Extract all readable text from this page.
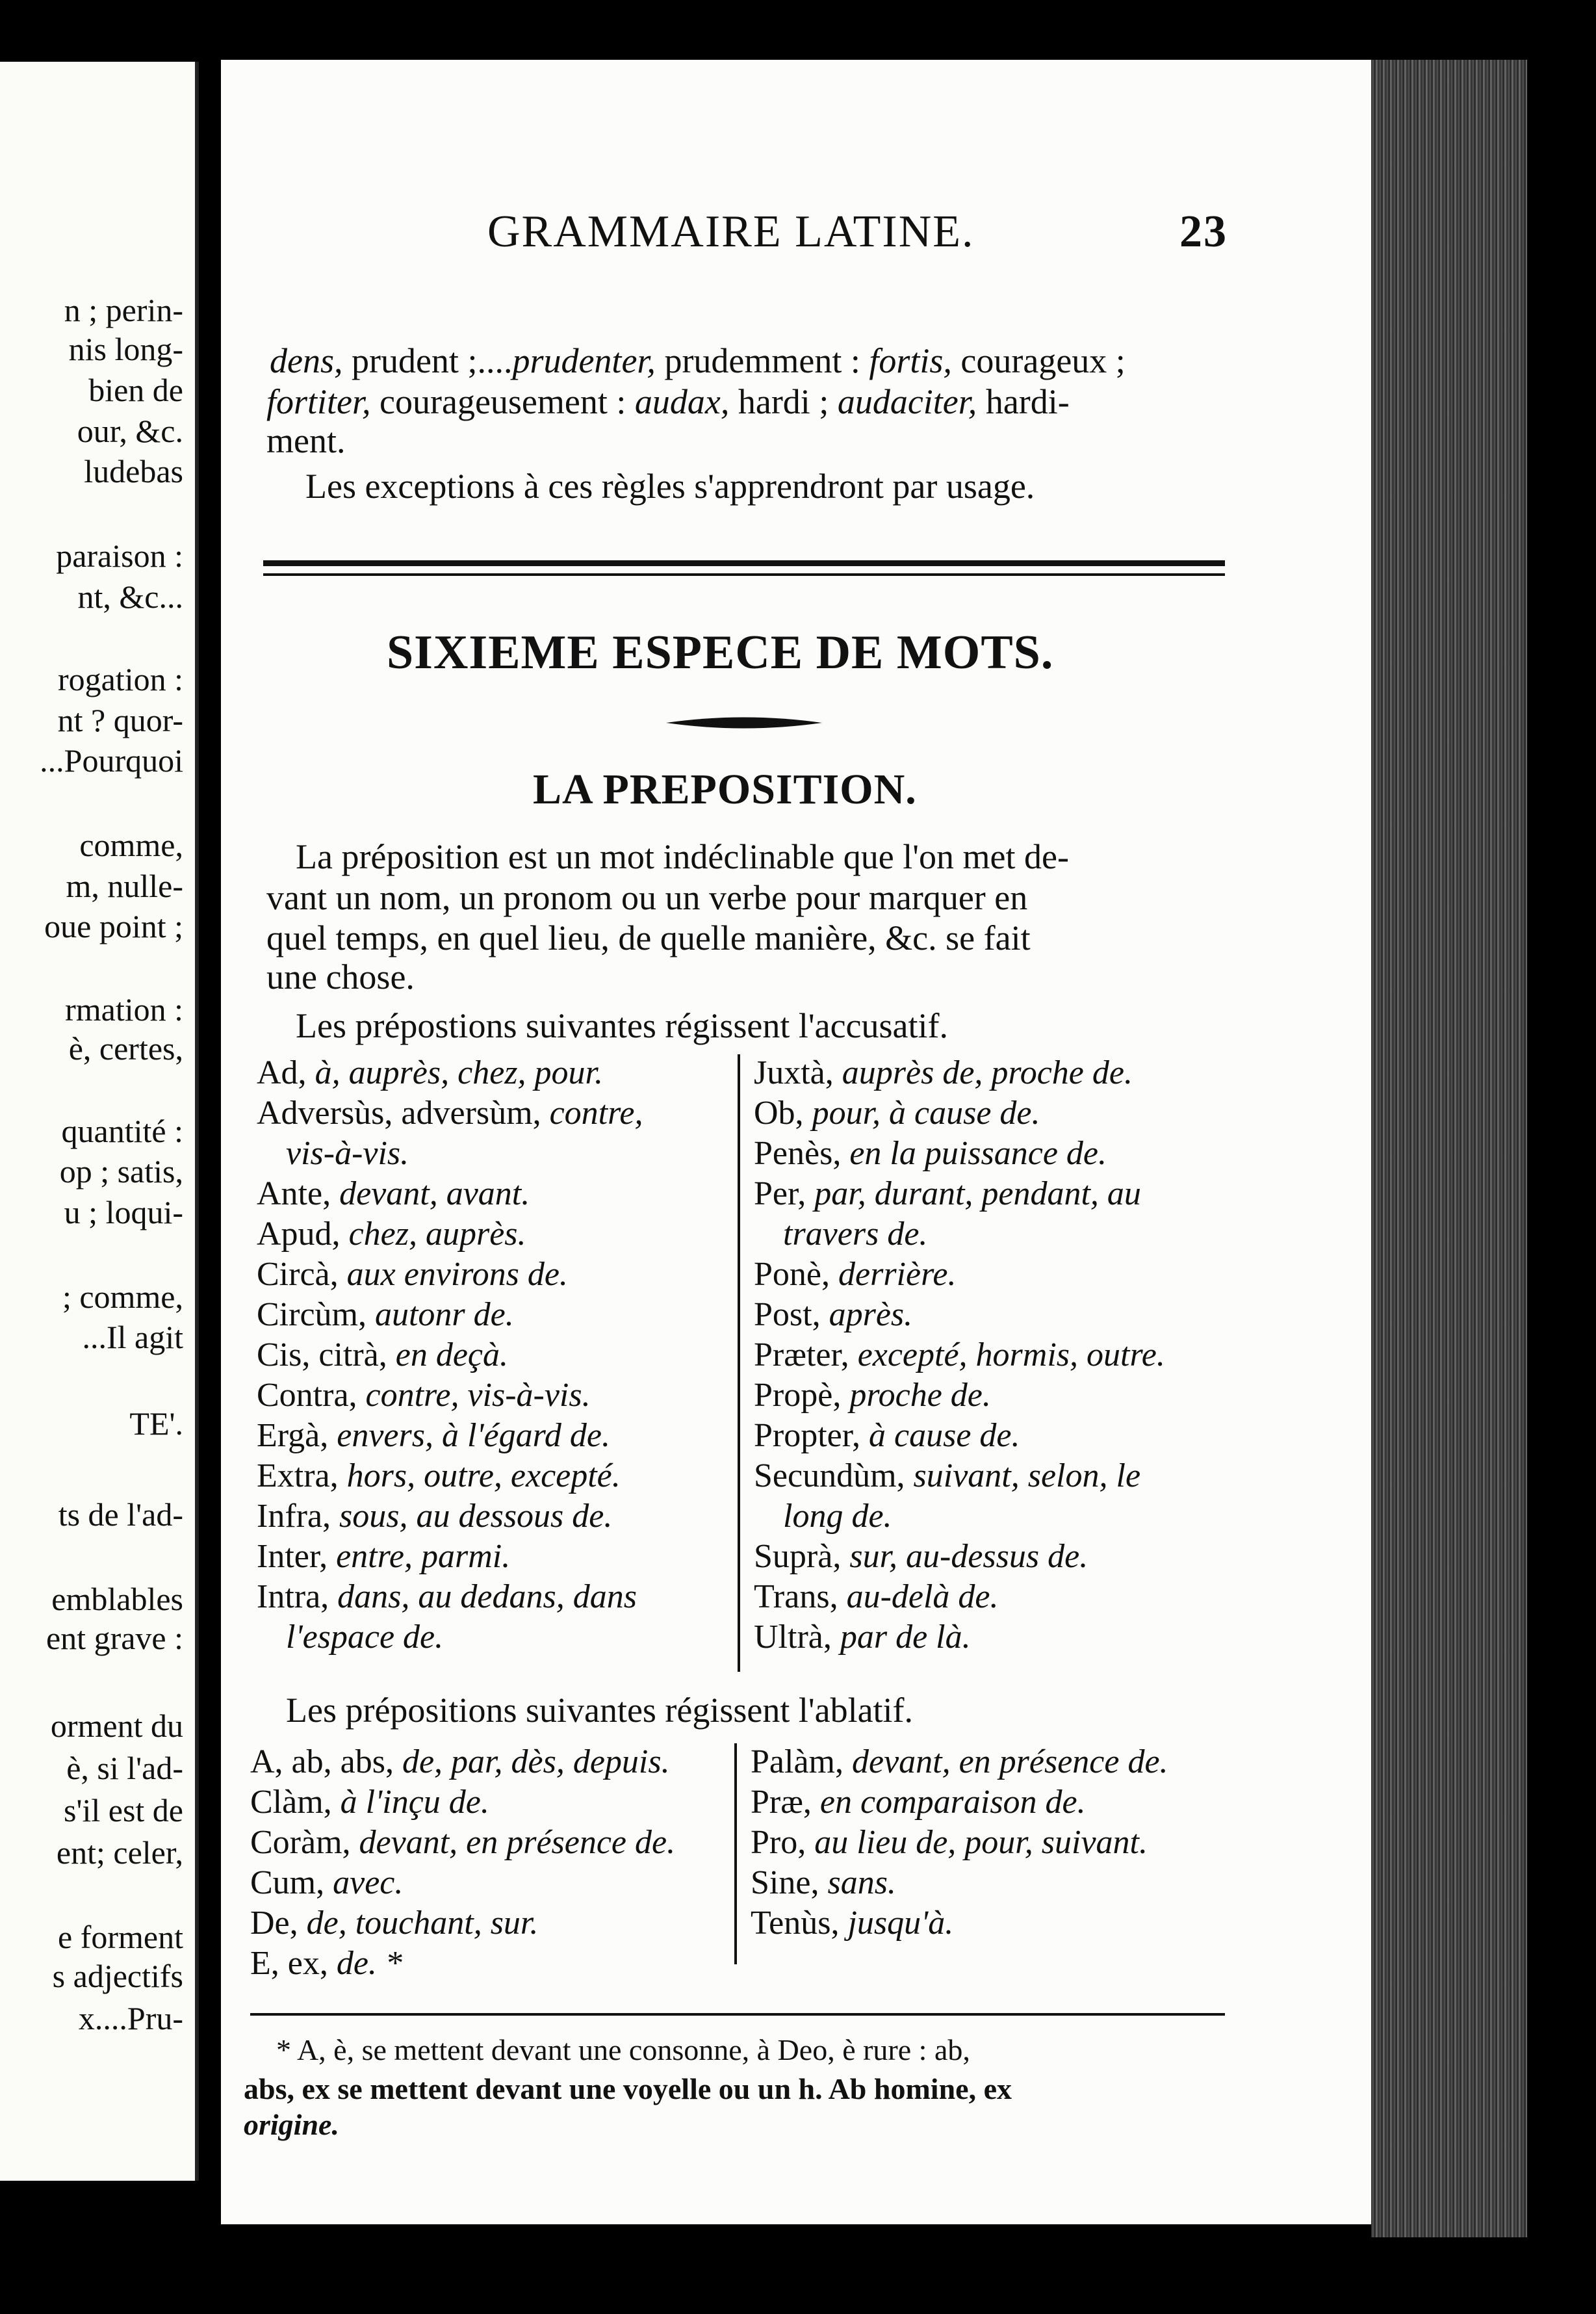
n ; perin-
nis long-
bien de
our, &c.
ludebas
paraison :
nt, &c...
rogation :
nt ? quor-
...Pourquoi
comme,
m, nulle-
oue point ;
rmation :
è, certes,
quantité :
op ; satis,
u ; loqui-
; comme,
...Il agit
TE'.
ts de l'ad-
emblables
ent grave :
orment du
è, si l'ad-
s'il est de
ent; celer,
e forment
s adjectifs
x....Pru-
GRAMMAIRE LATINE.	23
dens, prudent ;....prudenter, prudemment : fortis, courageux ;
fortiter, courageusement : audax, hardi ; audaciter, hardi-
ment.
Les exceptions à ces règles s'apprendront par usage.
SIXIEME ESPECE DE MOTS.
LA PREPOSITION.
La préposition est un mot indéclinable que l'on met de-
vant un nom, un pronom ou un verbe pour marquer en
quel temps, en quel lieu, de quelle manière, &c. se fait
une chose.
Les prépostions suivantes régissent l'accusatif.
Ad, à, auprès, chez, pour.
Adversùs, adversùm, contre,
vis-à-vis.
Ante, devant, avant.
Apud, chez, auprès.
Circà, aux environs de.
Circùm, autonr de.
Cis, citrà, en deçà.
Contra, contre, vis-à-vis.
Ergà, envers, à l'égard de.
Extra, hors, outre, excepté.
Infra, sous, au dessous de.
Inter, entre, parmi.
Intra, dans, au dedans, dans
l'espace de.
Juxtà, auprès de, proche de.
Ob, pour, à cause de.
Penès, en la puissance de.
Per, par, durant, pendant, au
travers de.
Ponè, derrière.
Post, après.
Præter, excepté, hormis, outre.
Propè, proche de.
Propter, à cause de.
Secundùm, suivant, selon, le
long de.
Suprà, sur, au-dessus de.
Trans, au-delà de.
Ultrà, par de là.
Les prépositions suivantes régissent l'ablatif.
A, ab, abs, de, par, dès, depuis.
Clàm, à l'inçu de.
Coràm, devant, en présence de.
Cum, avec.
De, de, touchant, sur.
E, ex, de. *
Palàm, devant, en présence de.
Præ, en comparaison de.
Pro, au lieu de, pour, suivant.
Sine, sans.
Tenùs, jusqu'à.
* A, è, se mettent devant une consonne, à Deo, è rure : ab,
abs, ex se mettent devant une voyelle ou un h. Ab homine, ex
origine.
